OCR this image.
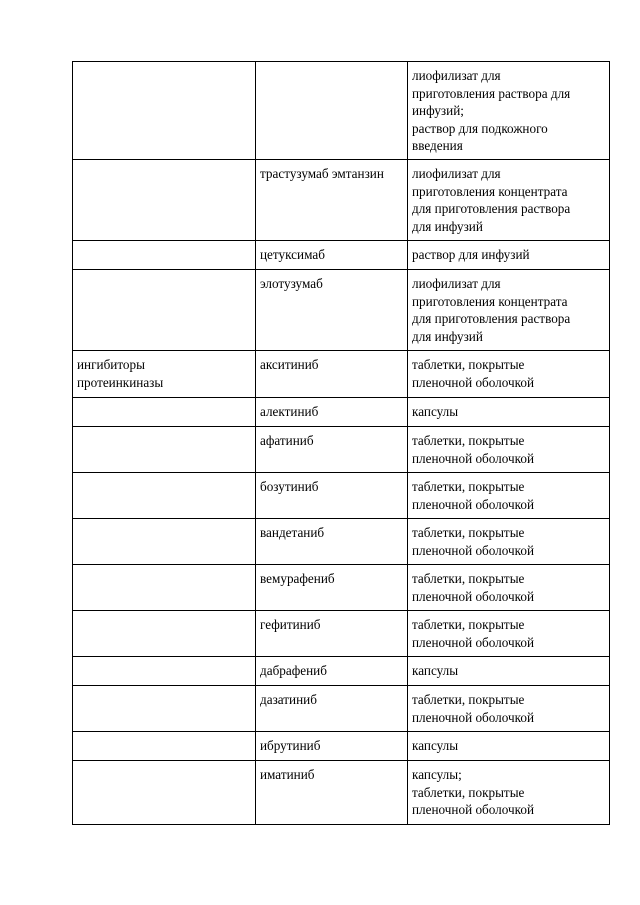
		лиофилизат для
приготовления раствора для
инфузий;
раствор для подкожного
введения
	трастузумаб эмтанзин	лиофилизат для
приготовления концентрата
для приготовления раствора
для инфузий
	цетуксимаб	раствор для инфузий
	элотузумаб	лиофилизат для
приготовления концентрата
для приготовления раствора
для инфузий
ингибиторы
протеинкиназы	акситиниб	таблетки, покрытые
пленочной оболочкой
	алектиниб	капсулы
	афатиниб	таблетки, покрытые
пленочной оболочкой
	бозутиниб	таблетки, покрытые
пленочной оболочкой
	вандетаниб	таблетки, покрытые
пленочной оболочкой
	вемурафениб	таблетки, покрытые
пленочной оболочкой
	гефитиниб	таблетки, покрытые
пленочной оболочкой
	дабрафениб	капсулы
	дазатиниб	таблетки, покрытые
пленочной оболочкой
	ибрутиниб	капсулы
	иматиниб	капсулы;
таблетки, покрытые
пленочной оболочкой
